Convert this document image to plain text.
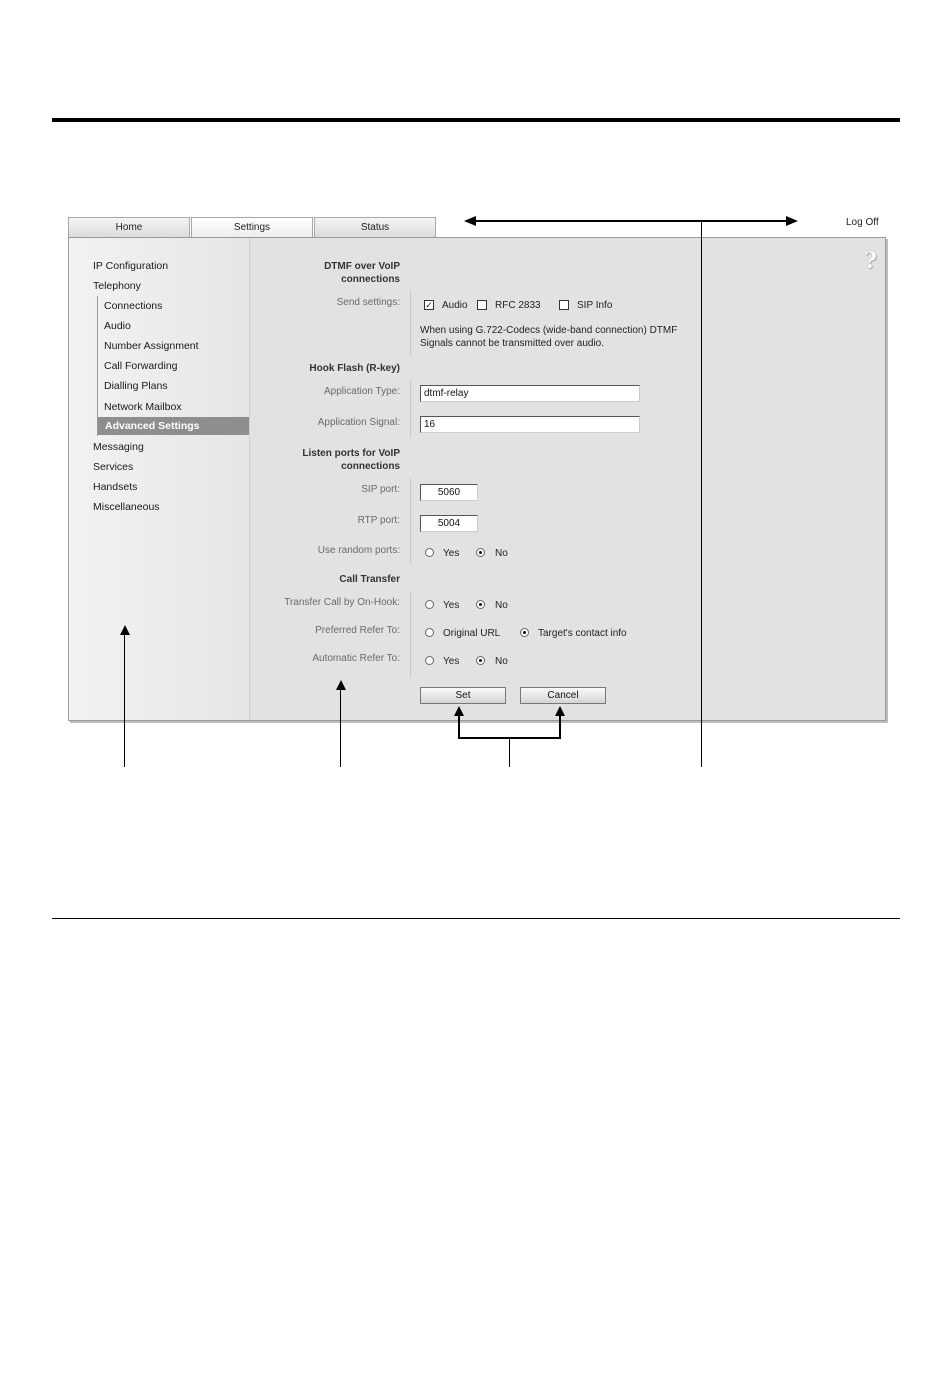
Home	Settings	Status	Log Off
IP Configuration
Telephony
Connections
Audio
Number Assignment
Call Forwarding
Dialling Plans
Network Mailbox
Advanced Settings
Messaging
Services
Handsets
Miscellaneous
?
DTMF over VoIP
connections
Send settings:	✓ Audio	RFC 2833	SIP Info
When using G.722-Codecs (wide-band connection) DTMF
Signals cannot be transmitted over audio.
Hook Flash (R-key)
Application Type:	dtmf-relay
Application Signal:	16
Listen ports for VoIP
connections
SIP port:	5060
RTP port:	5004
Use random ports:	Yes	No
Call Transfer
Transfer Call by On-Hook:	Yes	No
Preferred Refer To:	Original URL	Target's contact info
Automatic Refer To:	Yes	No
Set	Cancel
